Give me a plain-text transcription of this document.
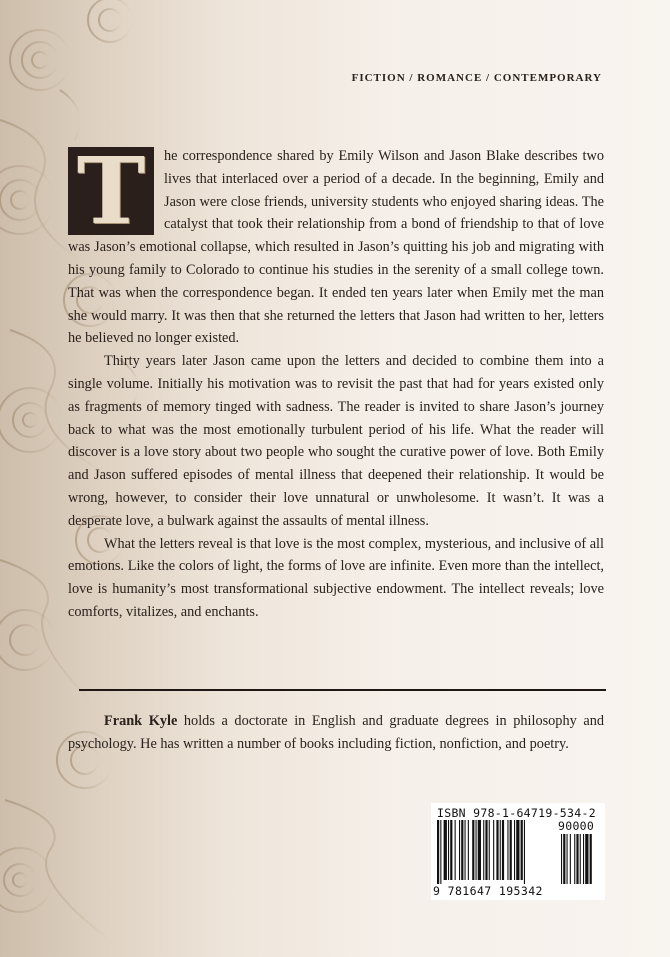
FICTION / ROMANCE / CONTEMPORARY
T	he correspondence shared by Emily Wilson and Jason Blake describes two lives that interlaced over a period of a decade. In the beginning, Emily and Jason were close friends, university students who enjoyed sharing ideas. The catalyst that took their relationship from a bond of friendship to that of love was Jason’s emotional collapse, which resulted in Jason’s quitting his job and migrating with his young family to Colorado to continue his studies in the serenity of a small college town. That was when the correspondence began. It ended ten years later when Emily met the man she would marry. It was then that she returned the letters that Jason had written to her, letters he believed no longer existed.

Thirty years later Jason came upon the letters and decided to combine them into a single volume. Initially his motivation was to revisit the past that had for years existed only as fragments of memory tinged with sadness. The reader is invited to share Jason’s journey back to what was the most emotionally turbulent period of his life. What the reader will discover is a love story about two people who sought the curative power of love. Both Emily and Jason suffered episodes of mental illness that deepened their relationship. It would be wrong, however, to consider their love unnatural or unwholesome. It wasn’t. It was a desperate love, a bulwark against the assaults of mental illness.

What the letters reveal is that love is the most complex, mysterious, and inclusive of all emotions. Like the colors of light, the forms of love are infinite. Even more than the intellect, love is humanity’s most transformational subjective endowment. The intellect reveals; love comforts, vitalizes, and enchants.

Frank Kyle holds a doctorate in English and graduate degrees in philosophy and psychology. He has written a number of books including fiction, nonfiction, and poetry.
ISBN 978-1-64719-534-2
90000
9 781647 195342
